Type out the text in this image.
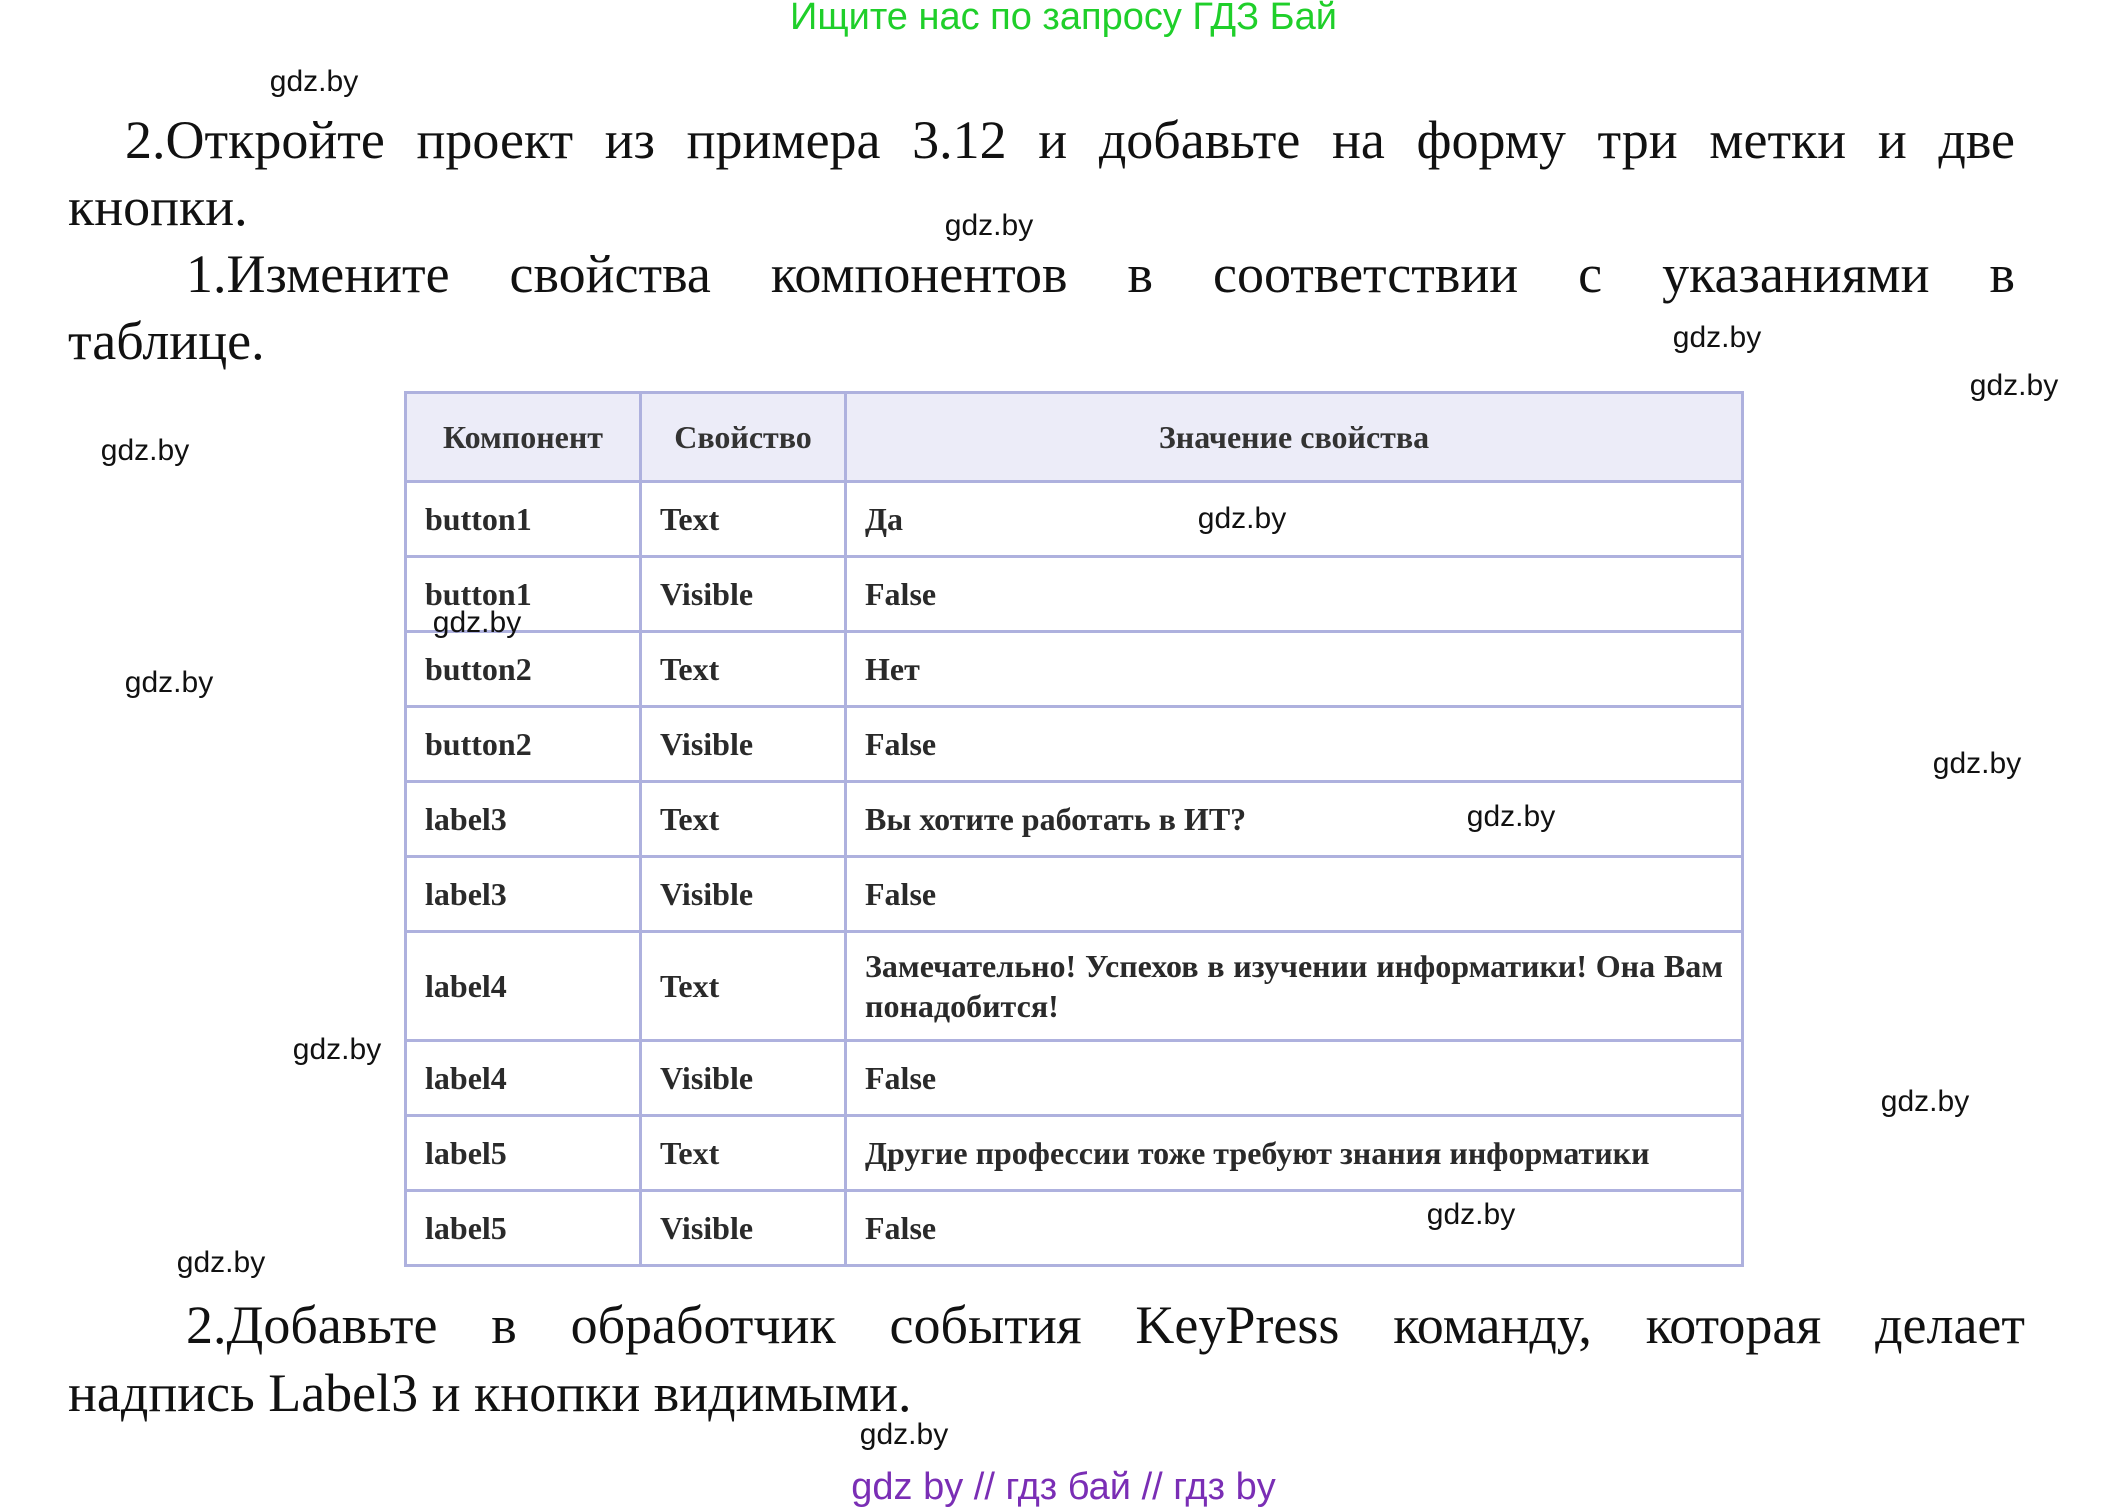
Ищите нас по запросу ГДЗ Бай
2.Откройте проект из примера 3.12 и добавьте на форму три метки и две
кнопки.
1.Измените свойства компонентов в соответствии с указаниями в
таблице.
Компонент	Свойство	Значение свойства
button1	Text	Да
button1	Visible	False
button2	Text	Нет
button2	Visible	False
label3	Text	Вы хотите работать в ИТ?
label3	Visible	False
label4	Text	Замечательно! Успехов в изучении информатики! Она Вам понадобится!
label4	Visible	False
label5	Text	Другие профессии тоже требуют знания информатики
label5	Visible	False
2.Добавьте в обработчик события KeyPress команду, которая делает
надпись Label3 и кнопки видимыми.
gdz.by
gdz.by
gdz.by
gdz.by
gdz.by
gdz.by
gdz.by
gdz.by
gdz.by
gdz.by
gdz.by
gdz.by
gdz.by
gdz.by
gdz.by
gdz by // гдз бай // гдз by
